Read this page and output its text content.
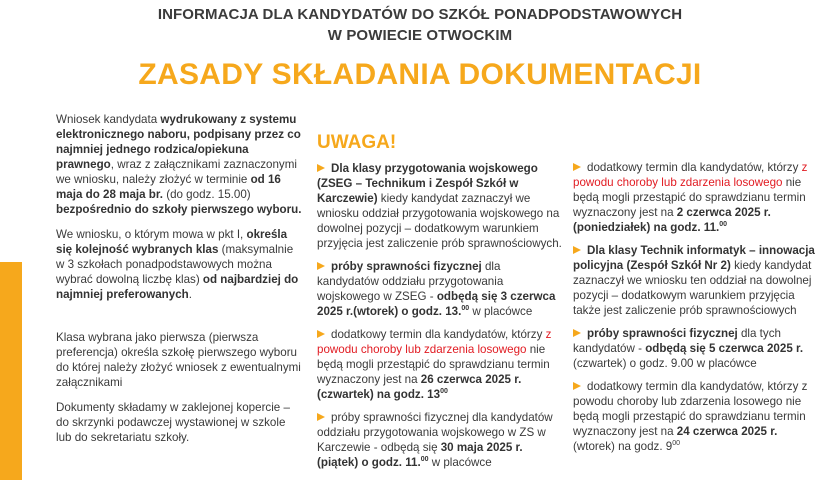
INFORMACJA DLA KANDYDATÓW DO SZKÓŁ PONADPODSTAWOWYCH
W POWIECIE OTWOCKIM
ZASADY SKŁADANIA DOKUMENTACJI

Wniosek kandydata wydrukowany z systemu elektronicznego naboru, podpisany przez co najmniej jednego rodzica/opiekuna prawnego, wraz z załącznikami zaznaczonymi we wniosku, należy złożyć w terminie od 16 maja do 28 maja br. (do godz. 15.00) bezpośrednio do szkoły pierwszego wyboru.

We wniosku, o którym mowa w pkt I, określa się kolejność wybranych klas (maksymalnie w 3 szkołach ponadpodstawowych można wybrać dowolną liczbę klas) od najbardziej do najmniej preferowanych.

Klasa wybrana jako pierwsza (pierwsza preferencja) określa szkołę pierwszego wyboru do której należy złożyć wniosek z ewentualnymi załącznikami

Dokumenty składamy w zaklejonej kopercie – do skrzynki podawczej wystawionej w szkole lub do sekretariatu szkoły.

UWAGA!

Dla klasy przygotowania wojskowego (ZSEG – Technikum i Zespół Szkół w Karczewie) kiedy kandydat zaznaczył we wniosku oddział przygotowania wojskowego na dowolnej pozycji – dodatkowym warunkiem przyjęcia jest zaliczenie prób sprawnościowych.

próby sprawności fizycznej dla kandydatów oddziału przygotowania wojskowego w ZSEG - odbędą się 3 czerwca 2025 r.(wtorek) o godz. 13.00 w placówce

dodatkowy termin dla kandydatów, którzy z powodu choroby lub zdarzenia losowego nie będą mogli przestąpić do sprawdzianu termin wyznaczony jest na 26 czerwca 2025 r. (czwartek) na godz. $13^{00}$

próby sprawności fizycznej dla kandydatów oddziału przygotowania wojskowego w ZS w Karczewie - odbędą się 30 maja 2025 r. (piątek) o godz. 11.00 w placówce

dodatkowy termin dla kandydatów, którzy z powodu choroby lub zdarzenia losowego nie będą mogli przestąpić do sprawdzianu termin wyznaczony jest na 2 czerwca 2025 r. (poniedziałek) na godz. 11.00

Dla klasy Technik informatyk – innowacja policyjna (Zespół Szkół Nr 2) kiedy kandydat zaznaczył we wniosku ten oddział na dowolnej pozycji – dodatkowym warunkiem przyjęcia także jest zaliczenie prób sprawnościowych

próby sprawności fizycznej dla tych kandydatów - odbędą się 5 czerwca 2025 r. (czwartek) o godz. 9.00 w placówce

dodatkowy termin dla kandydatów, którzy z powodu choroby lub zdarzenia losowego nie będą mogli przestąpić do sprawdzianu termin wyznaczony jest na 24 czerwca 2025 r. (wtorek) na godz. $9^{00}$
